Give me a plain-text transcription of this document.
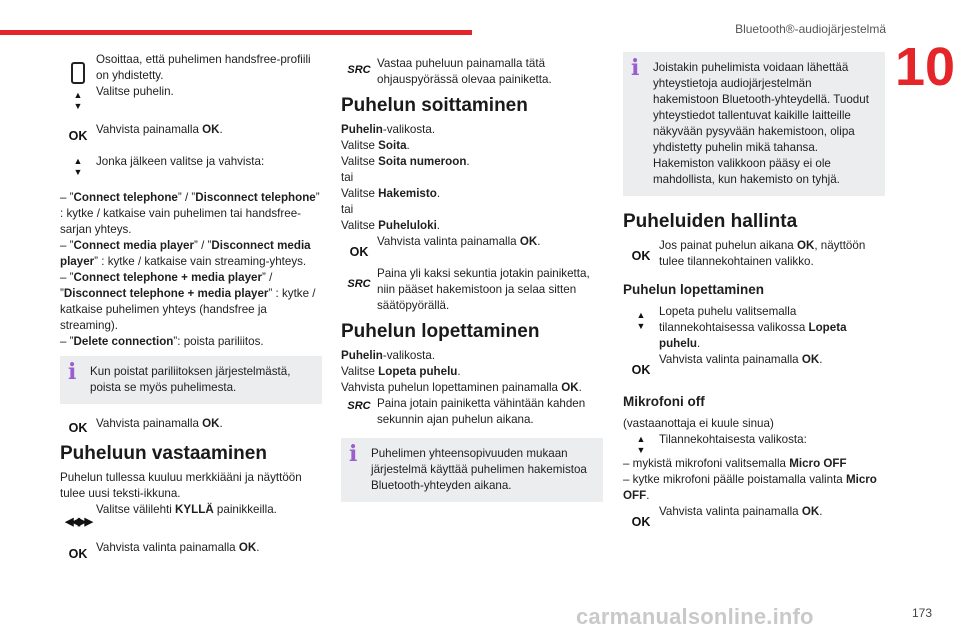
Bluetooth®-audiojärjestelmä
10
▲
▼

Osoittaa, että puhelimen handsfree-profiili on yhdistetty.

Valitse puhelin.

OK Vahvista painamalla OK.
▲
▼

Jonka jälkeen valitse ja vahvista:

– ”Connect telephone” / ”Disconnect telephone” : kytke / katkaise vain puhelimen tai handsfree-sarjan yhteys.

– ”Connect media player” / ”Disconnect media player” : kytke / katkaise vain streaming-yhteys.

– ”Connect telephone + media player” / ”Disconnect telephone + media player” : kytke / katkaise puhelimen yhteys (handsfree ja streaming).

– ”Delete connection”: poista pariliitos.

i	Kun poistat pariliitoksen järjestelmästä, poista se myös puhelimesta.
OK Vahvista painamalla OK.
Puheluun vastaaminen

Puhelun tullessa kuuluu merkkiääni ja näyttöön tulee uusi teksti-ikkuna.

◀◀▶▶
Valitse välilehti KYLLÄ painikkeilla.
OK Vahvista valinta painamalla OK.
SRC Vastaa puheluun painamalla tätä ohjauspyörässä olevaa painiketta.

Puhelun soittaminen

Puhelin-valikosta.

Valitse Soita.

Valitse Soita numeroon.

tai

Valitse Hakemisto.

tai

Valitse Puheluloki.

OK
Vahvista valinta painamalla OK.
SRC

Paina yli kaksi sekuntia jotakin painiketta, niin pääset hakemistoon ja selaa sitten säätöpyörällä.

Puhelun lopettaminen

Puhelin-valikosta.

Valitse Lopeta puhelu.

Vahvista puhelun lopettaminen painamalla OK.

SRC Paina jotain painiketta vähintään kahden sekunnin ajan puhelun aikana.

i	Puhelimen yhteensopivuuden mukaan järjestelmä käyttää puhelimen hakemistoa Bluetooth-yhteyden aikana.
i	Joistakin puhelimista voidaan lähettää yhteystietoja audiojärjestelmän hakemistoon Bluetooth-yhteydellä. Tuodut yhteystiedot tallentuvat kaikille laitteille näkyvään pysyvään hakemistoon, olipa yhdistetty puhelin mikä tahansa. Hakemiston valikkoon pääsy ei ole mahdollista, kun hakemisto on tyhjä.
Puheluiden hallinta
OK
Jos painat puhelun aikana OK, näyttöön tulee tilannekohtainen valikko.
Puhelun lopettaminen
▲
▼
Lopeta puhelu valitsemalla tilannekohtaisessa valikossa Lopeta puhelu.
OK
Vahvista valinta painamalla OK.
Mikrofoni off

(vastaanottaja ei kuule sinua)

▲
▼

Tilannekohtaisesta valikosta:

– mykistä mikrofoni valitsemalla Micro OFF

– kytke mikrofoni päälle poistamalla valinta Micro OFF.

OK
Vahvista valinta painamalla OK.
carmanualsonline.info	173
